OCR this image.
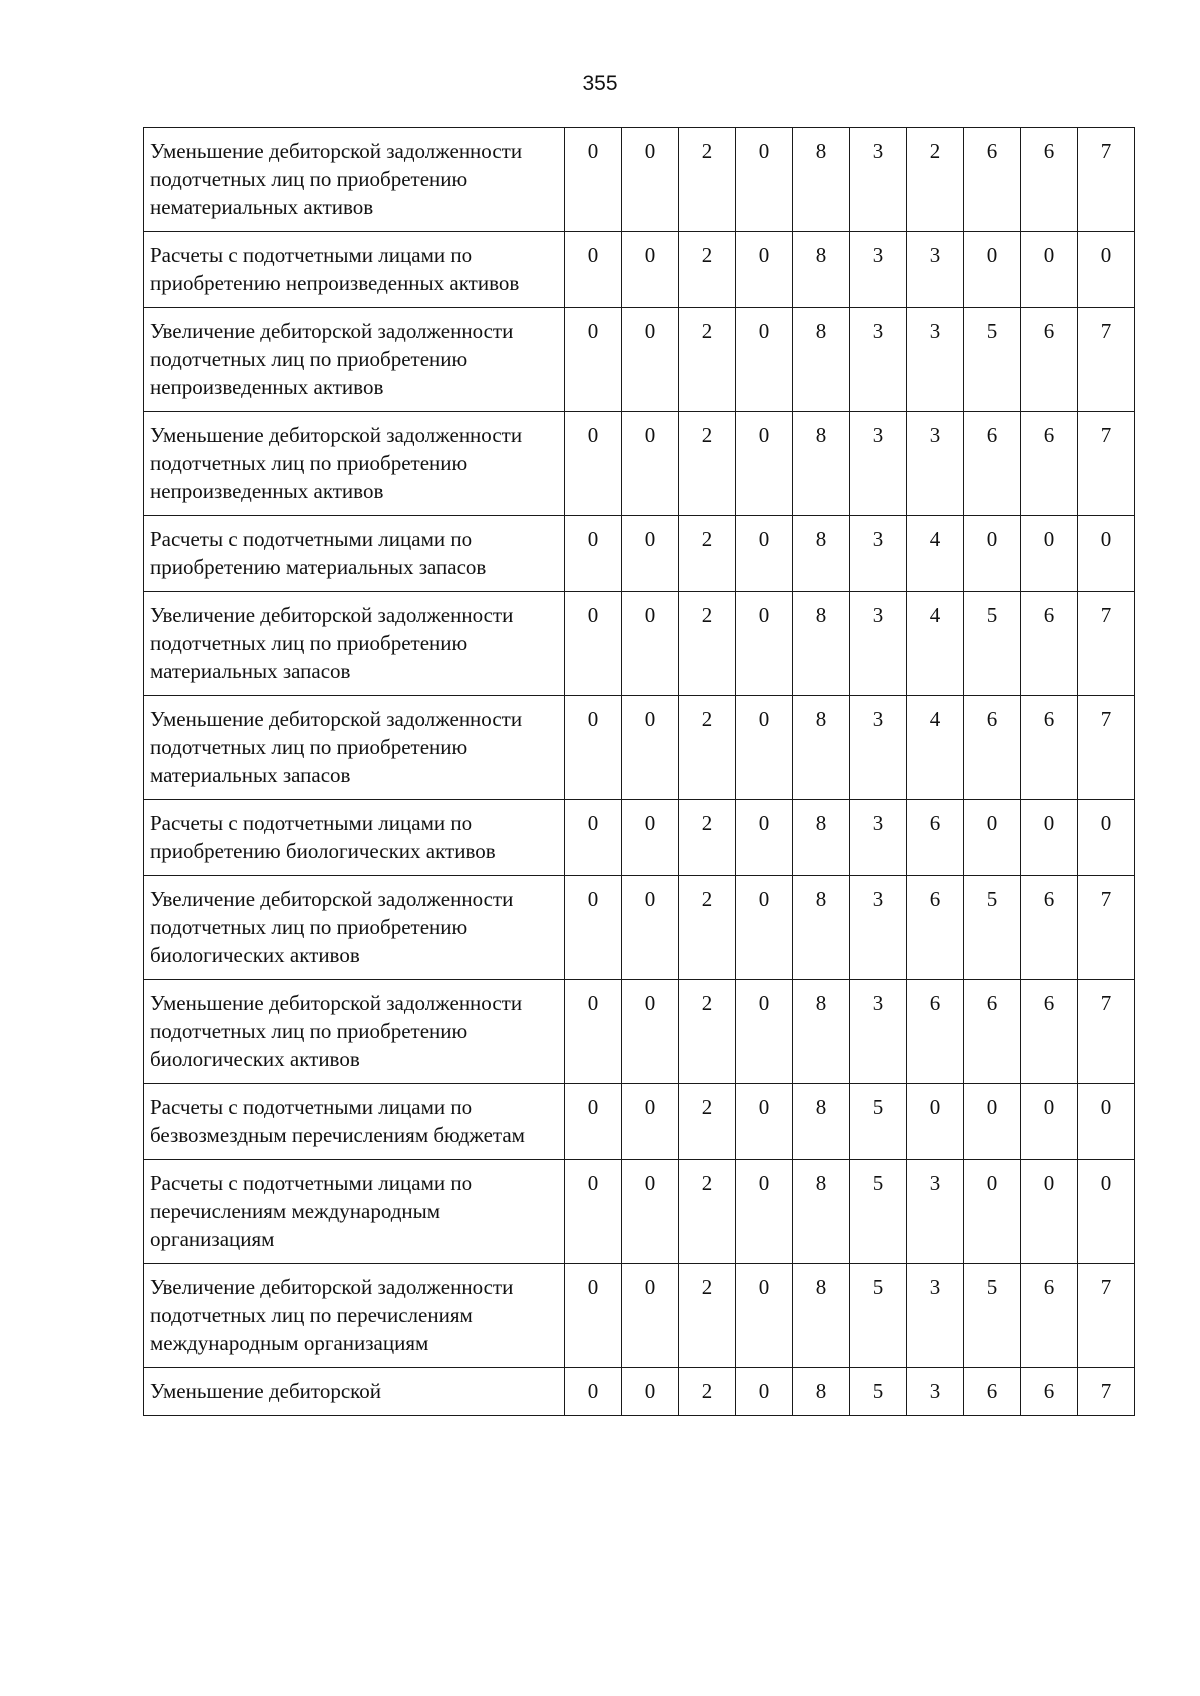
355
Уменьшение дебиторской задолженности подотчетных лиц по приобретению нематериальных активов	0	0	2	0	8	3	2	6	6	7
Расчеты с подотчетными лицами по приобретению непроизведенных активов	0	0	2	0	8	3	3	0	0	0
Увеличение дебиторской задолженности подотчетных лиц по приобретению непроизведенных активов	0	0	2	0	8	3	3	5	6	7
Уменьшение дебиторской задолженности подотчетных лиц по приобретению непроизведенных активов	0	0	2	0	8	3	3	6	6	7
Расчеты с подотчетными лицами по приобретению материальных запасов	0	0	2	0	8	3	4	0	0	0
Увеличение дебиторской задолженности подотчетных лиц по приобретению материальных запасов	0	0	2	0	8	3	4	5	6	7
Уменьшение дебиторской задолженности подотчетных лиц по приобретению материальных запасов	0	0	2	0	8	3	4	6	6	7
Расчеты с подотчетными лицами по приобретению биологических активов	0	0	2	0	8	3	6	0	0	0
Увеличение дебиторской задолженности подотчетных лиц по приобретению биологических активов	0	0	2	0	8	3	6	5	6	7
Уменьшение дебиторской задолженности подотчетных лиц по приобретению биологических активов	0	0	2	0	8	3	6	6	6	7
Расчеты с подотчетными лицами по безвозмездным перечислениям бюджетам	0	0	2	0	8	5	0	0	0	0
Расчеты с подотчетными лицами по перечислениям международным организациям	0	0	2	0	8	5	3	0	0	0
Увеличение дебиторской задолженности подотчетных лиц по перечислениям международным организациям	0	0	2	0	8	5	3	5	6	7
Уменьшение дебиторской	0	0	2	0	8	5	3	6	6	7
